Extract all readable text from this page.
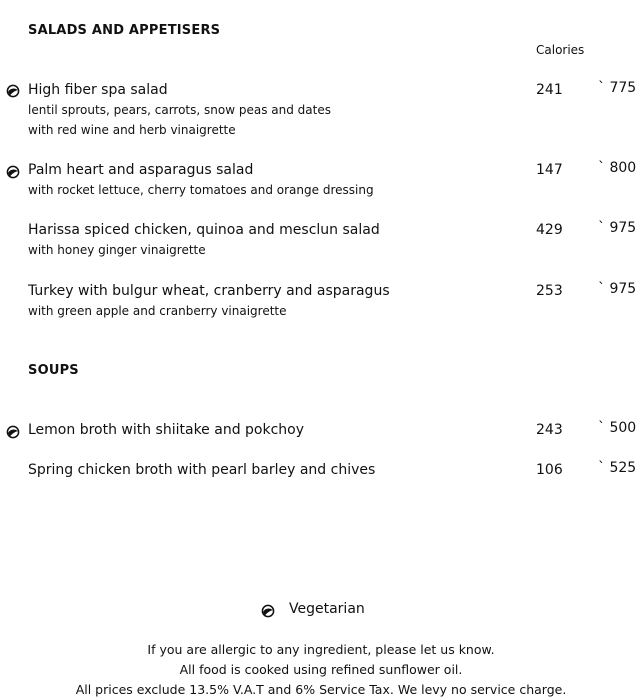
SALADS AND APPETISERS
Calories
High fiber spa salad
lentil sprouts, pears, carrots, snow peas and dates
with red wine and herb vinaigrette
241	` 775
Palm heart and asparagus salad
with rocket lettuce, cherry tomatoes and orange dressing
147	` 800
Harissa spiced chicken, quinoa and mesclun salad
with honey ginger vinaigrette
429	` 975
Turkey with bulgur wheat, cranberry and asparagus
with green apple and cranberry vinaigrette
253	` 975
SOUPS
Lemon broth with shiitake and pokchoy	243	` 500
Spring chicken broth with pearl barley and chives	106	` 525
Vegetarian
If you are allergic to any ingredient, please let us know.
All food is cooked using refined sunflower oil.
All prices exclude 13.5% V.A.T and 6% Service Tax. We levy no service charge.
